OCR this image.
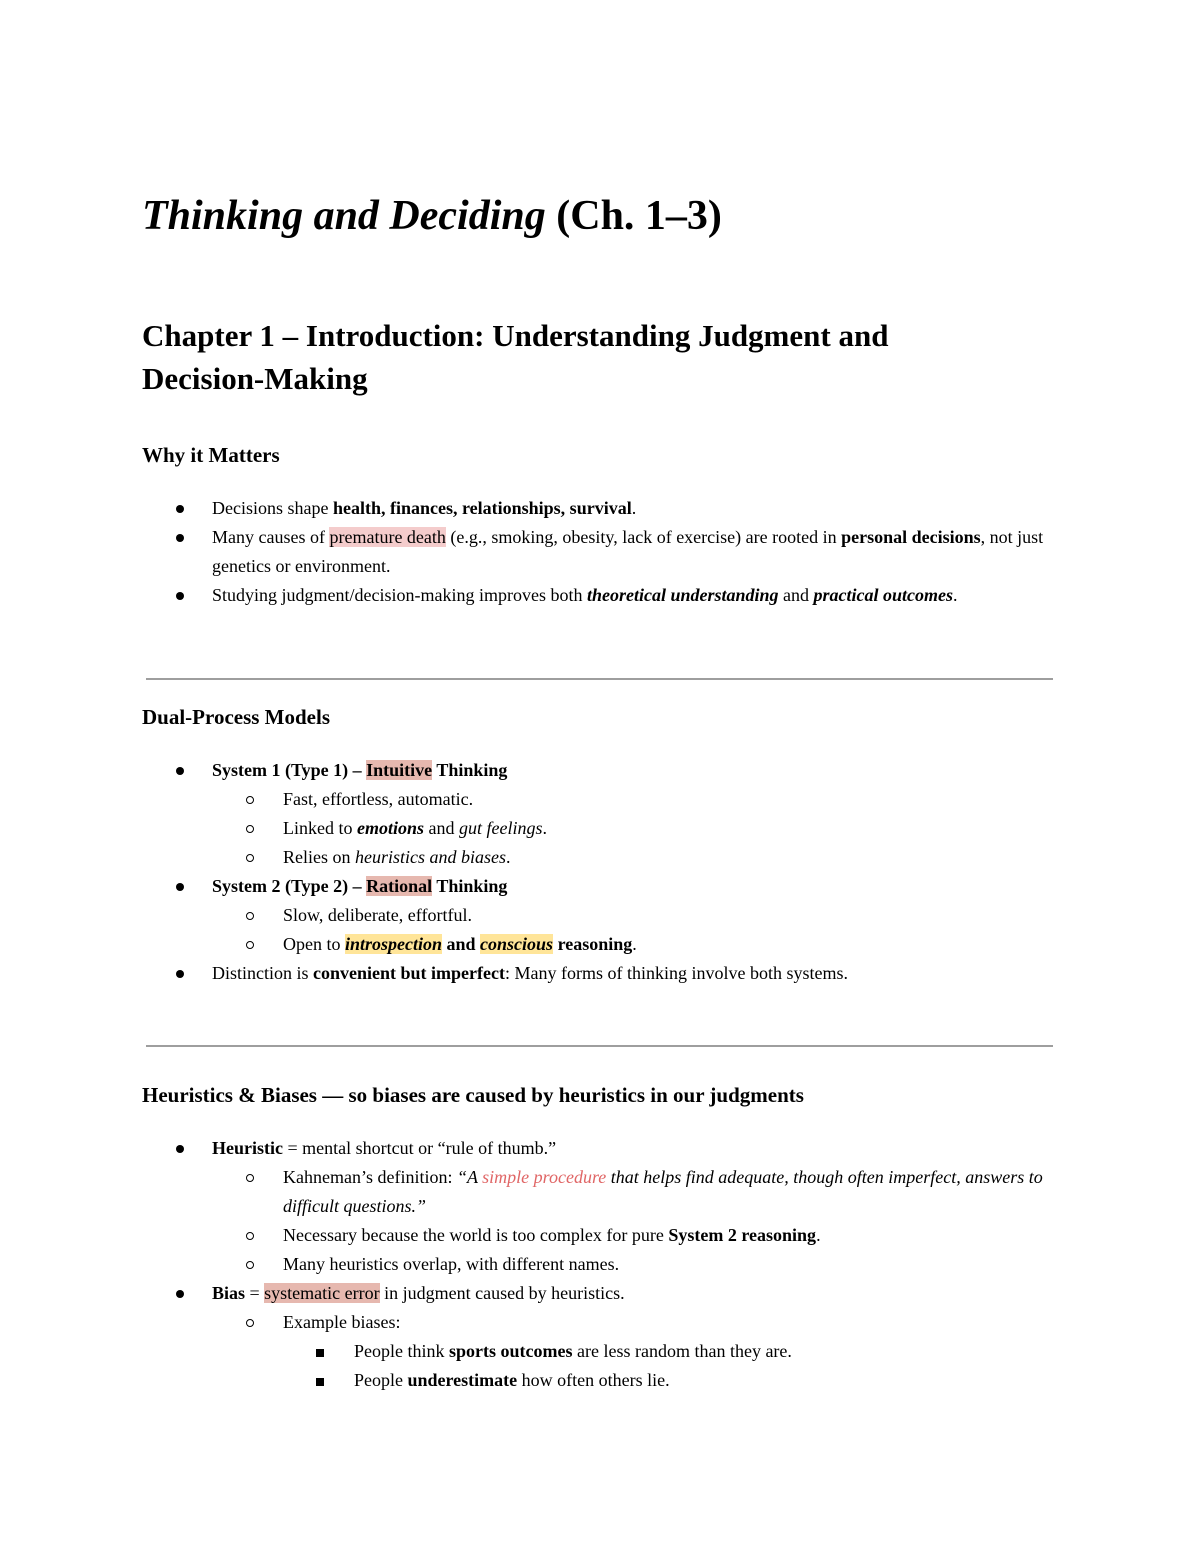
Thinking and Deciding (Ch. 1–3)
Chapter 1 – Introduction: Understanding Judgment and
Decision-Making
Why it Matters
Decisions shape health, finances, relationships, survival.
Many causes of premature death (e.g., smoking, obesity, lack of exercise) are rooted in personal decisions, not just genetics or environment.
Studying judgment/decision-making improves both theoretical understanding and practical outcomes.
Dual-Process Models
System 1 (Type 1) – Intuitive Thinking
Fast, effortless, automatic.
Linked to emotions and gut feelings.
Relies on heuristics and biases.
System 2 (Type 2) – Rational Thinking
Slow, deliberate, effortful.
Open to introspection and conscious reasoning.
Distinction is convenient but imperfect: Many forms of thinking involve both systems.
Heuristics & Biases — so biases are caused by heuristics in our judgments
Heuristic = mental shortcut or “rule of thumb.”
Kahneman’s definition: “A simple procedure that helps find adequate, though often imperfect, answers to difficult questions.”
Necessary because the world is too complex for pure System 2 reasoning.
Many heuristics overlap, with different names.
Bias = systematic error in judgment caused by heuristics.
Example biases:
People think sports outcomes are less random than they are.
People underestimate how often others lie.
